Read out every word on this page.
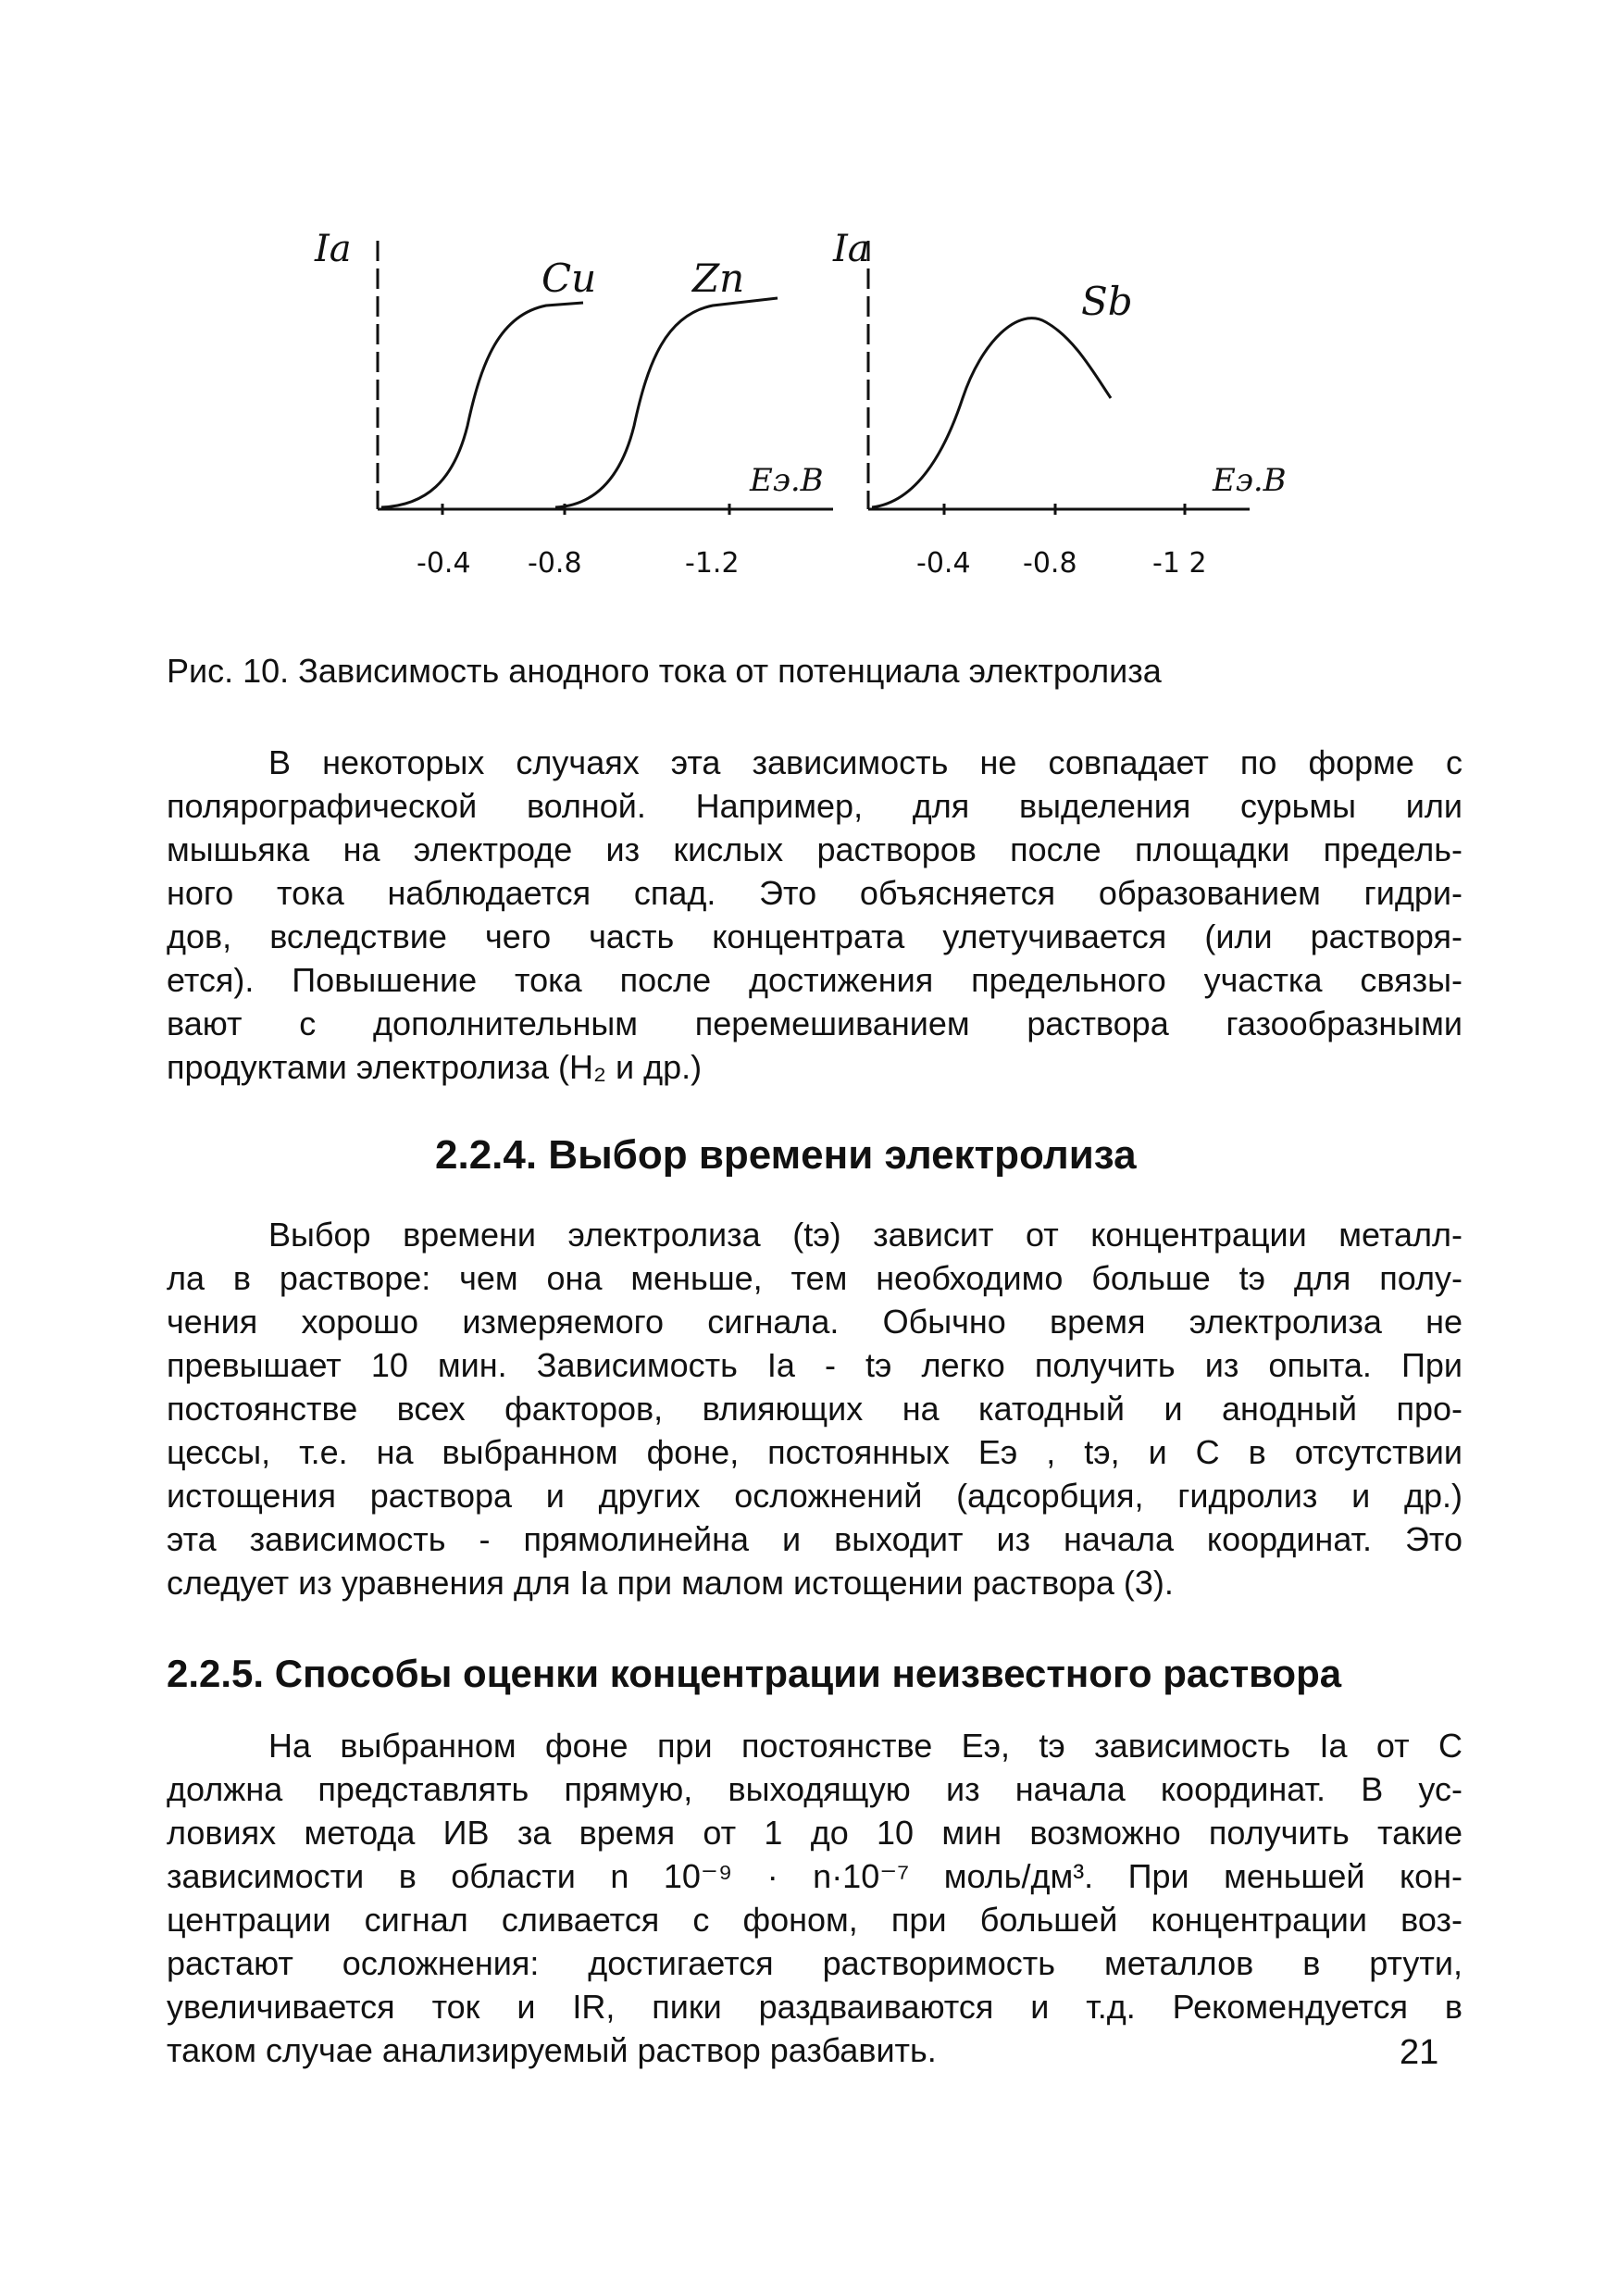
Ia
Cu Zn
Eэ.B
-0.4 -0.8	-1.2
Ia
Sb
Eэ.B
-0.4 -0.8	-1 2
Рис. 10. Зависимость анодного тока от потенциала электролиза
В некоторых случаях эта зависимость не совпадает по форме с
полярографической волной. Например, для выделения сурьмы или
мышьяка на электроде из кислых растворов после площадки предель-
ного тока наблюдается спад. Это объясняется образованием гидри-
дов, вследствие чего часть концентрата улетучивается (или растворя-
ется). Повышение тока после достижения предельного участка связы-
вают с дополнительным перемешиванием раствора газообразными
продуктами электролиза (H₂ и др.)
2.2.4. Выбор времени электролиза
Выбор времени электролиза (tэ) зависит от концентрации металл-
ла в растворе: чем она меньше, тем необходимо больше tэ для полу-
чения хорошо измеряемого сигнала. Обычно время электролиза не
превышает 10 мин. Зависимость Iа - tэ легко получить из опыта. При
постоянстве всех факторов, влияющих на катодный и анодный про-
цессы, т.е. на выбранном фоне, постоянных Eэ , tэ, и С в отсутствии
истощения раствора и других осложнений (адсорбция, гидролиз и др.)
эта зависимость - прямолинейна и выходит из начала координат. Это
следует из уравнения для Iа при малом истощении раствора (3).
2.2.5. Способы оценки концентрации неизвестного раствора
На выбранном фоне при постоянстве Eэ, tэ зависимость Iа от С
должна представлять прямую, выходящую из начала координат. В ус-
ловиях метода ИВ за время от 1 до 10 мин возможно получить такие
зависимости в области n 10⁻⁹ · n·10⁻⁷ моль/дм³. При меньшей кон-
центрации сигнал сливается с фоном, при большей концентрации воз-
растают осложнения: достигается растворимость металлов в ртути,
увеличивается ток и IR, пики раздваиваются и т.д. Рекомендуется в
таком случае анализируемый раствор разбавить.	21
